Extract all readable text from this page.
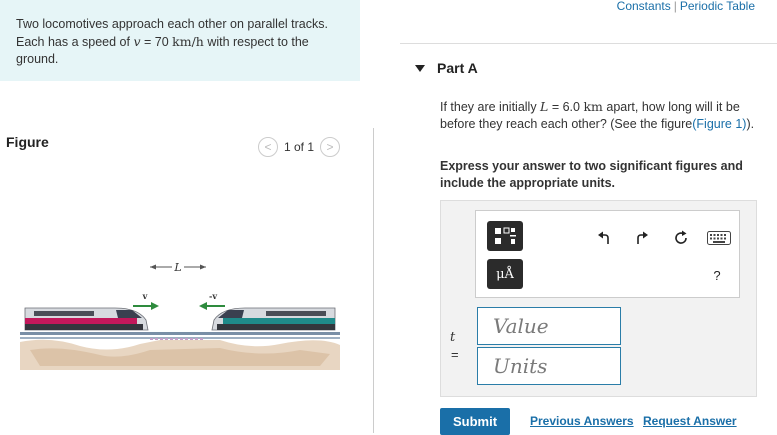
Constants | Periodic Table
Two locomotives approach each other on parallel tracks.
Each has a speed of v = 70 km/h with respect to the
ground.
Figure	<	1 of 1	>
L
v	-v
Part A
If they are initially L = 6.0 km apart, how long will it be before they reach each other? (See the figure(Figure 1)).
Express your answer to two significant figures and include the appropriate units.
μÅ	?
t
=
Value
Units
Submit	Previous Answers Request Answer
